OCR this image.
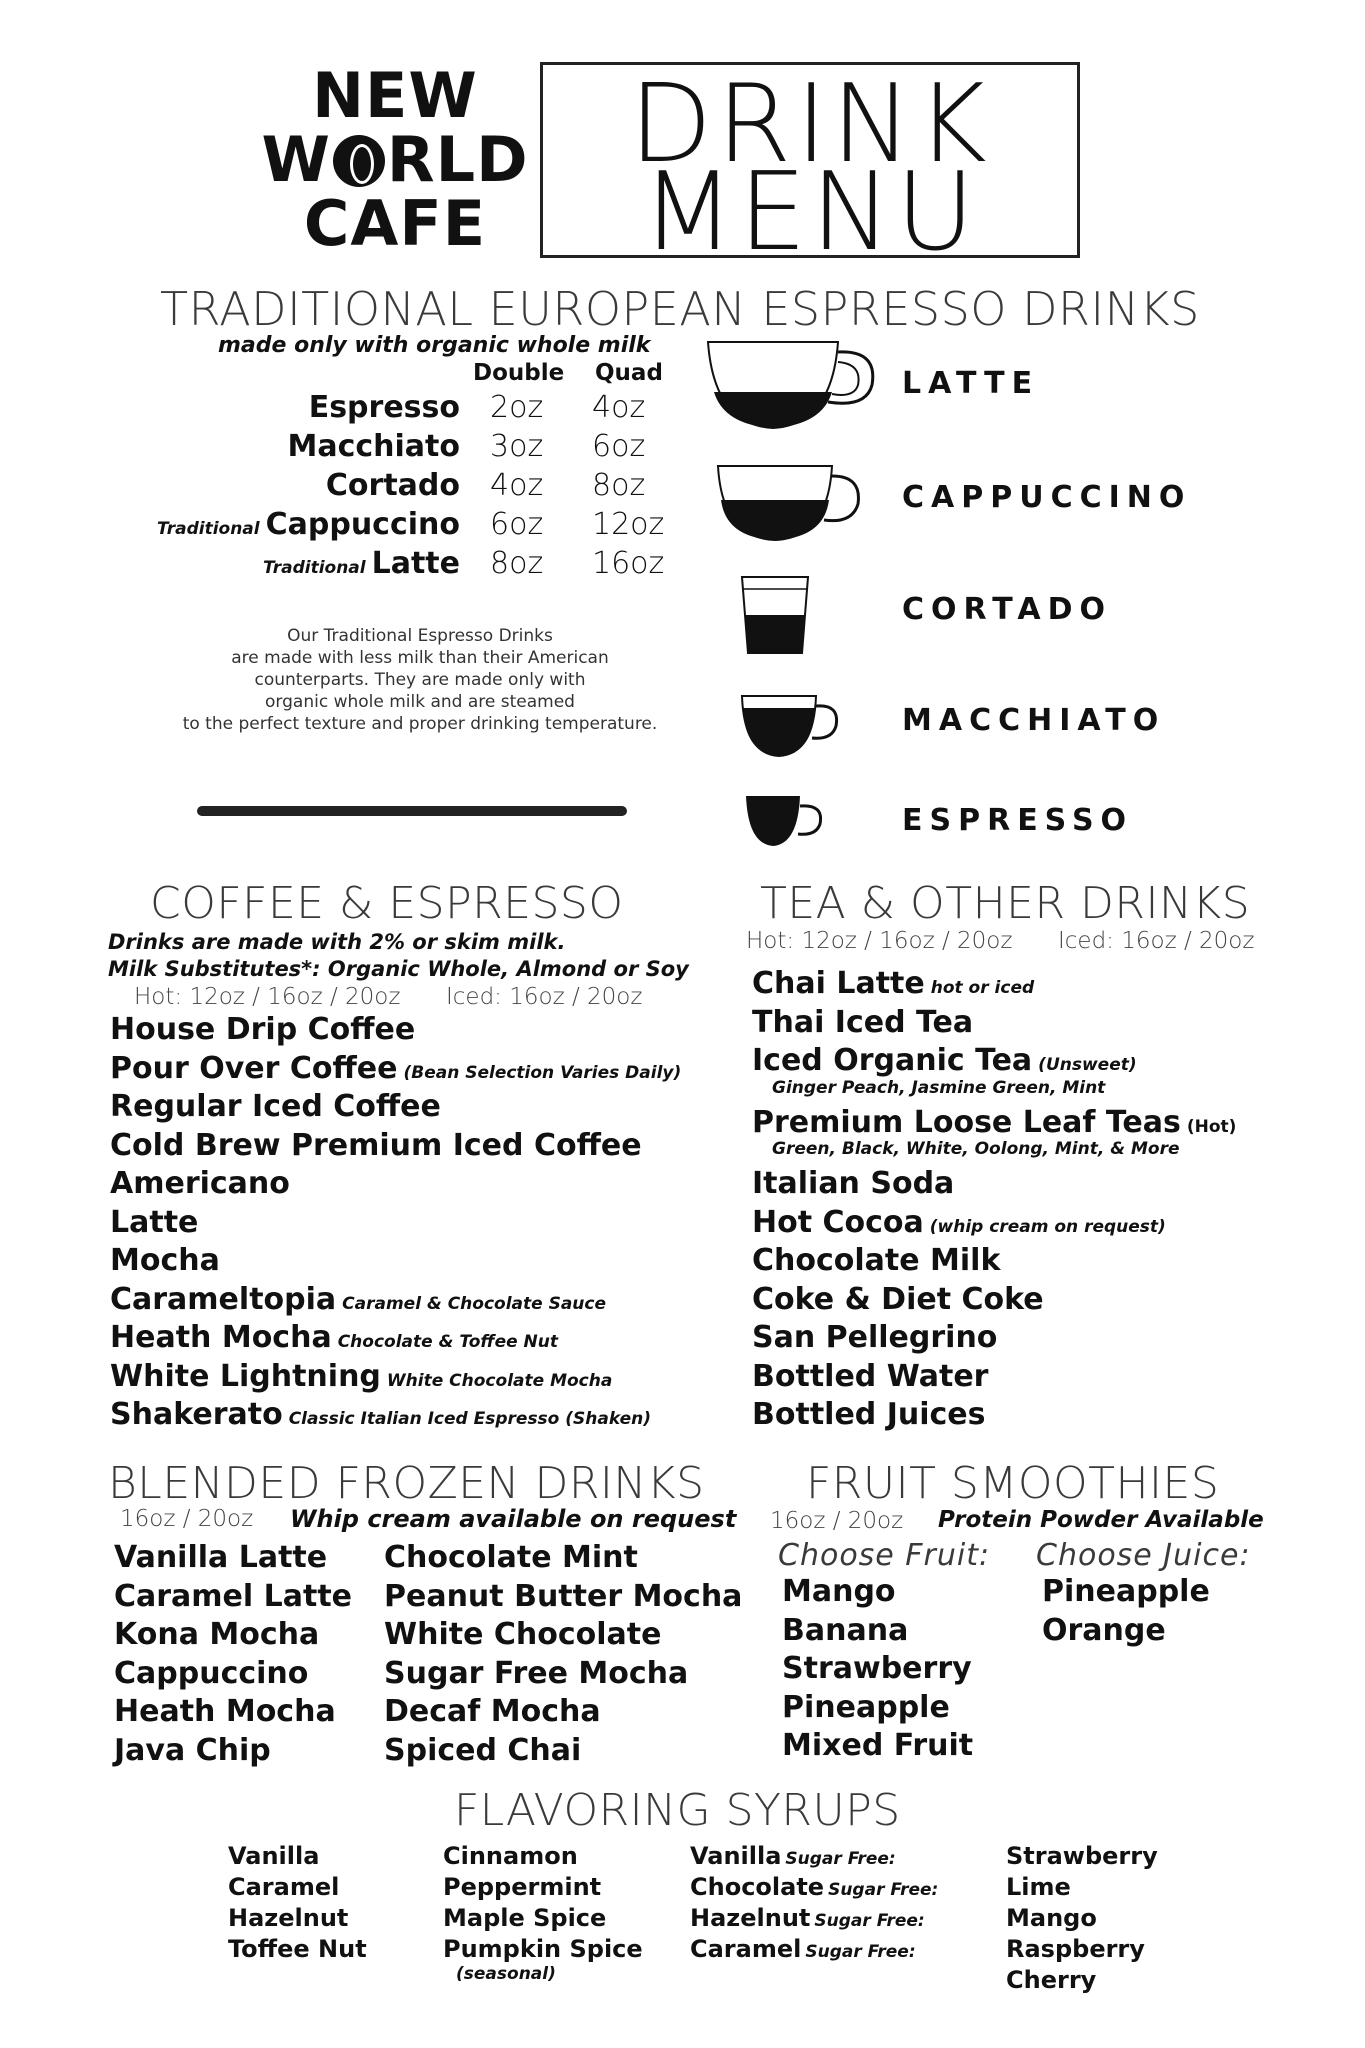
NEW
W RLD
CAFE
DRINK
MENU
TRADITIONAL EUROPEAN ESPRESSO DRINKS
made only with organic whole milk
Double Quad
Espresso 2oz 4oz
Macchiato 3oz 6oz
Cortado 4oz 8oz
Traditional Cappuccino 6oz 12oz
Traditional Latte 8oz 16oz
Our Traditional Espresso Drinks
are made with less milk than their American
counterparts. They are made only with
organic whole milk and are steamed
to the perfect texture and proper drinking temperature.
LATTE
CAPPUCCINO
CORTADO
MACCHIATO
ESPRESSO
COFFEE & ESPRESSO
Drinks are made with 2% or skim milk.
Milk Substitutes*: Organic Whole, Almond or Soy
Hot: 12oz / 16oz / 20oz Iced: 16oz / 20oz
House Drip Coffee
Pour Over Coffee (Bean Selection Varies Daily)
Regular Iced Coffee
Cold Brew Premium Iced Coffee
Americano
Latte
Mocha
Carameltopia Caramel & Chocolate Sauce
Heath Mocha Chocolate & Toffee Nut
White Lightning White Chocolate Mocha
Shakerato Classic Italian Iced Espresso (Shaken)
TEA & OTHER DRINKS
Hot: 12oz / 16oz / 20oz Iced: 16oz / 20oz
Chai Latte hot or iced
Thai Iced Tea
Iced Organic Tea (Unsweet)
Ginger Peach, Jasmine Green, Mint
Premium Loose Leaf Teas (Hot)
Green, Black, White, Oolong, Mint, & More
Italian Soda
Hot Cocoa (whip cream on request)
Chocolate Milk
Coke & Diet Coke
San Pellegrino
Bottled Water
Bottled Juices
BLENDED FROZEN DRINKS
16oz / 20oz Whip cream available on request
Vanilla Latte
Caramel Latte
Kona Mocha
Cappuccino
Heath Mocha
Java Chip
Chocolate Mint
Peanut Butter Mocha
White Chocolate
Sugar Free Mocha
Decaf Mocha
Spiced Chai
FRUIT SMOOTHIES
16oz / 20oz Protein Powder Available
Choose Fruit: Choose Juice:
Mango
Banana
Strawberry
Pineapple
Mixed Fruit
Pineapple
Orange
FLAVORING SYRUPS
Vanilla
Caramel
Hazelnut
Toffee Nut
Cinnamon
Peppermint
Maple Spice
Pumpkin Spice
(seasonal)
Vanilla Sugar Free:
Chocolate Sugar Free:
Hazelnut Sugar Free:
Caramel Sugar Free:
Strawberry
Lime
Mango
Raspberry
Cherry
